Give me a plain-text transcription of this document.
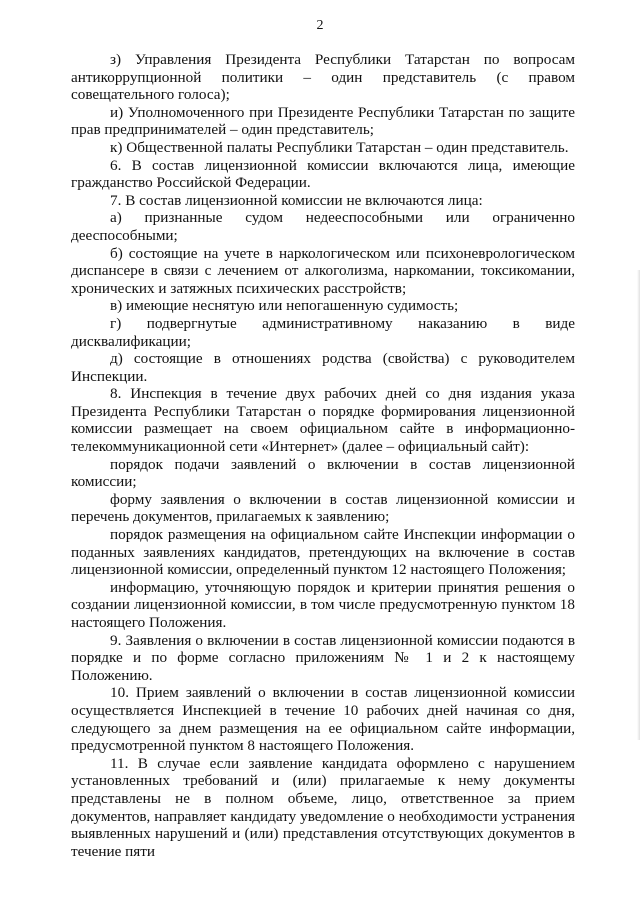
2

з) Управления Президента Республики Татарстан по вопросам антикоррупционной политики – один представитель (с правом совещательного голоса);

и) Уполномоченного при Президенте Республики Татарстан по защите прав предпринимателей – один представитель;

к) Общественной палаты Республики Татарстан – один представитель.

6. В состав лицензионной комиссии включаются лица, имеющие гражданство Российской Федерации.

7. В состав лицензионной комиссии не включаются лица:

а) признанные судом недееспособными или ограниченно дееспособными;

б) состоящие на учете в наркологическом или психоневрологическом диспансере в связи с лечением от алкоголизма, наркомании, токсикомании, хронических и затяжных психических расстройств;

в) имеющие неснятую или непогашенную судимость;

г) подвергнутые административному наказанию в виде дисквалификации;

д) состоящие в отношениях родства (свойства) с руководителем Инспекции.

8. Инспекция в течение двух рабочих дней со дня издания указа Президента Республики Татарстан о порядке формирования лицензионной комиссии размещает на своем официальном сайте в информационно-телекоммуникационной сети «Интернет» (далее – официальный сайт):

порядок подачи заявлений о включении в состав лицензионной комиссии;

форму заявления о включении в состав лицензионной комиссии и перечень документов, прилагаемых к заявлению;

порядок размещения на официальном сайте Инспекции информации о поданных заявлениях кандидатов, претендующих на включение в состав лицензионной комиссии, определенный пунктом 12 настоящего Положения;

информацию, уточняющую порядок и критерии принятия решения о создании лицензионной комиссии, в том числе предусмотренную пунктом 18 настоящего Положения.

9. Заявления о включении в состав лицензионной комиссии подаются в порядке и по форме согласно приложениям № 1 и 2 к настоящему Положению.

10. Прием заявлений о включении в состав лицензионной комиссии осуществляется Инспекцией в течение 10 рабочих дней начиная со дня, следующего за днем размещения на ее официальном сайте информации, предусмотренной пунктом 8 настоящего Положения.

11. В случае если заявление кандидата оформлено с нарушением установленных требований и (или) прилагаемые к нему документы представлены не в полном объеме, лицо, ответственное за прием документов, направляет кандидату уведомление о необходимости устранения выявленных нарушений и (или) представления отсутствующих документов в течение пяти
